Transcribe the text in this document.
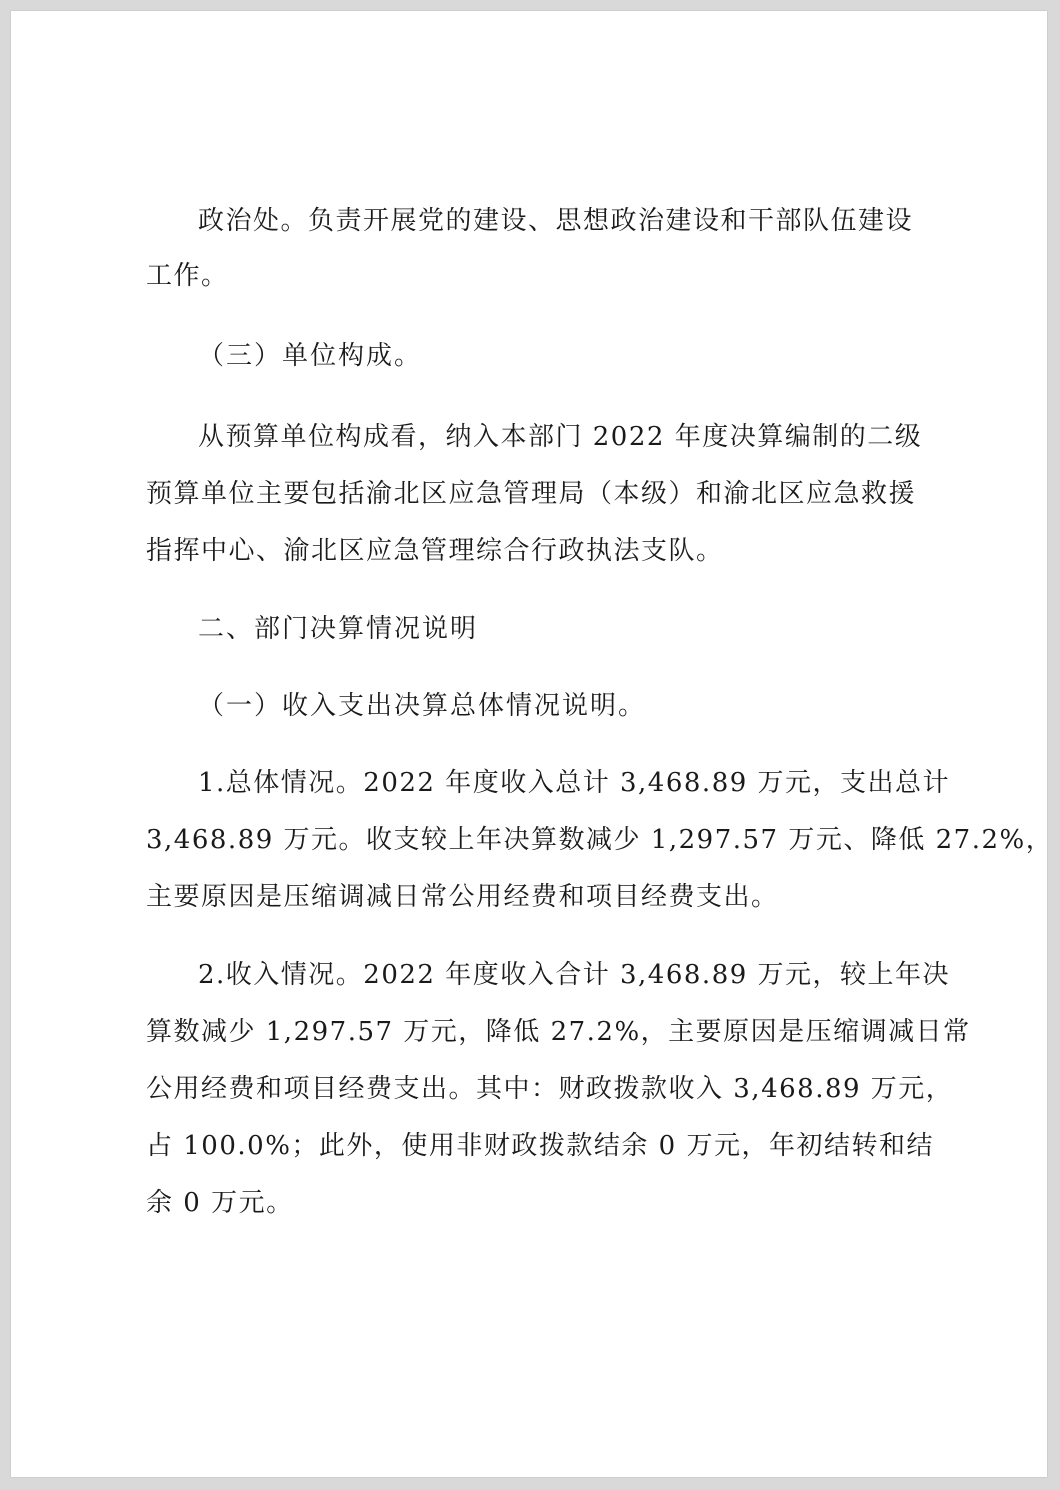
政治处。负责开展党的建设、思想政治建设和干部队伍建设

工作。

（三）单位构成。

从预算单位构成看，纳入本部门 2022 年度决算编制的二级

预算单位主要包括渝北区应急管理局（本级）和渝北区应急救援

指挥中心、渝北区应急管理综合行政执法支队。

二、部门决算情况说明

（一）收入支出决算总体情况说明。

1.总体情况。2022 年度收入总计 3,468.89 万元，支出总计

3,468.89 万元。收支较上年决算数减少 1,297.57 万元、降低 27.2%，

主要原因是压缩调减日常公用经费和项目经费支出。

2.收入情况。2022 年度收入合计 3,468.89 万元，较上年决

算数减少 1,297.57 万元，降低 27.2%，主要原因是压缩调减日常

公用经费和项目经费支出。其中：财政拨款收入 3,468.89 万元，

占 100.0%；此外，使用非财政拨款结余 0 万元，年初结转和结

余 0 万元。
